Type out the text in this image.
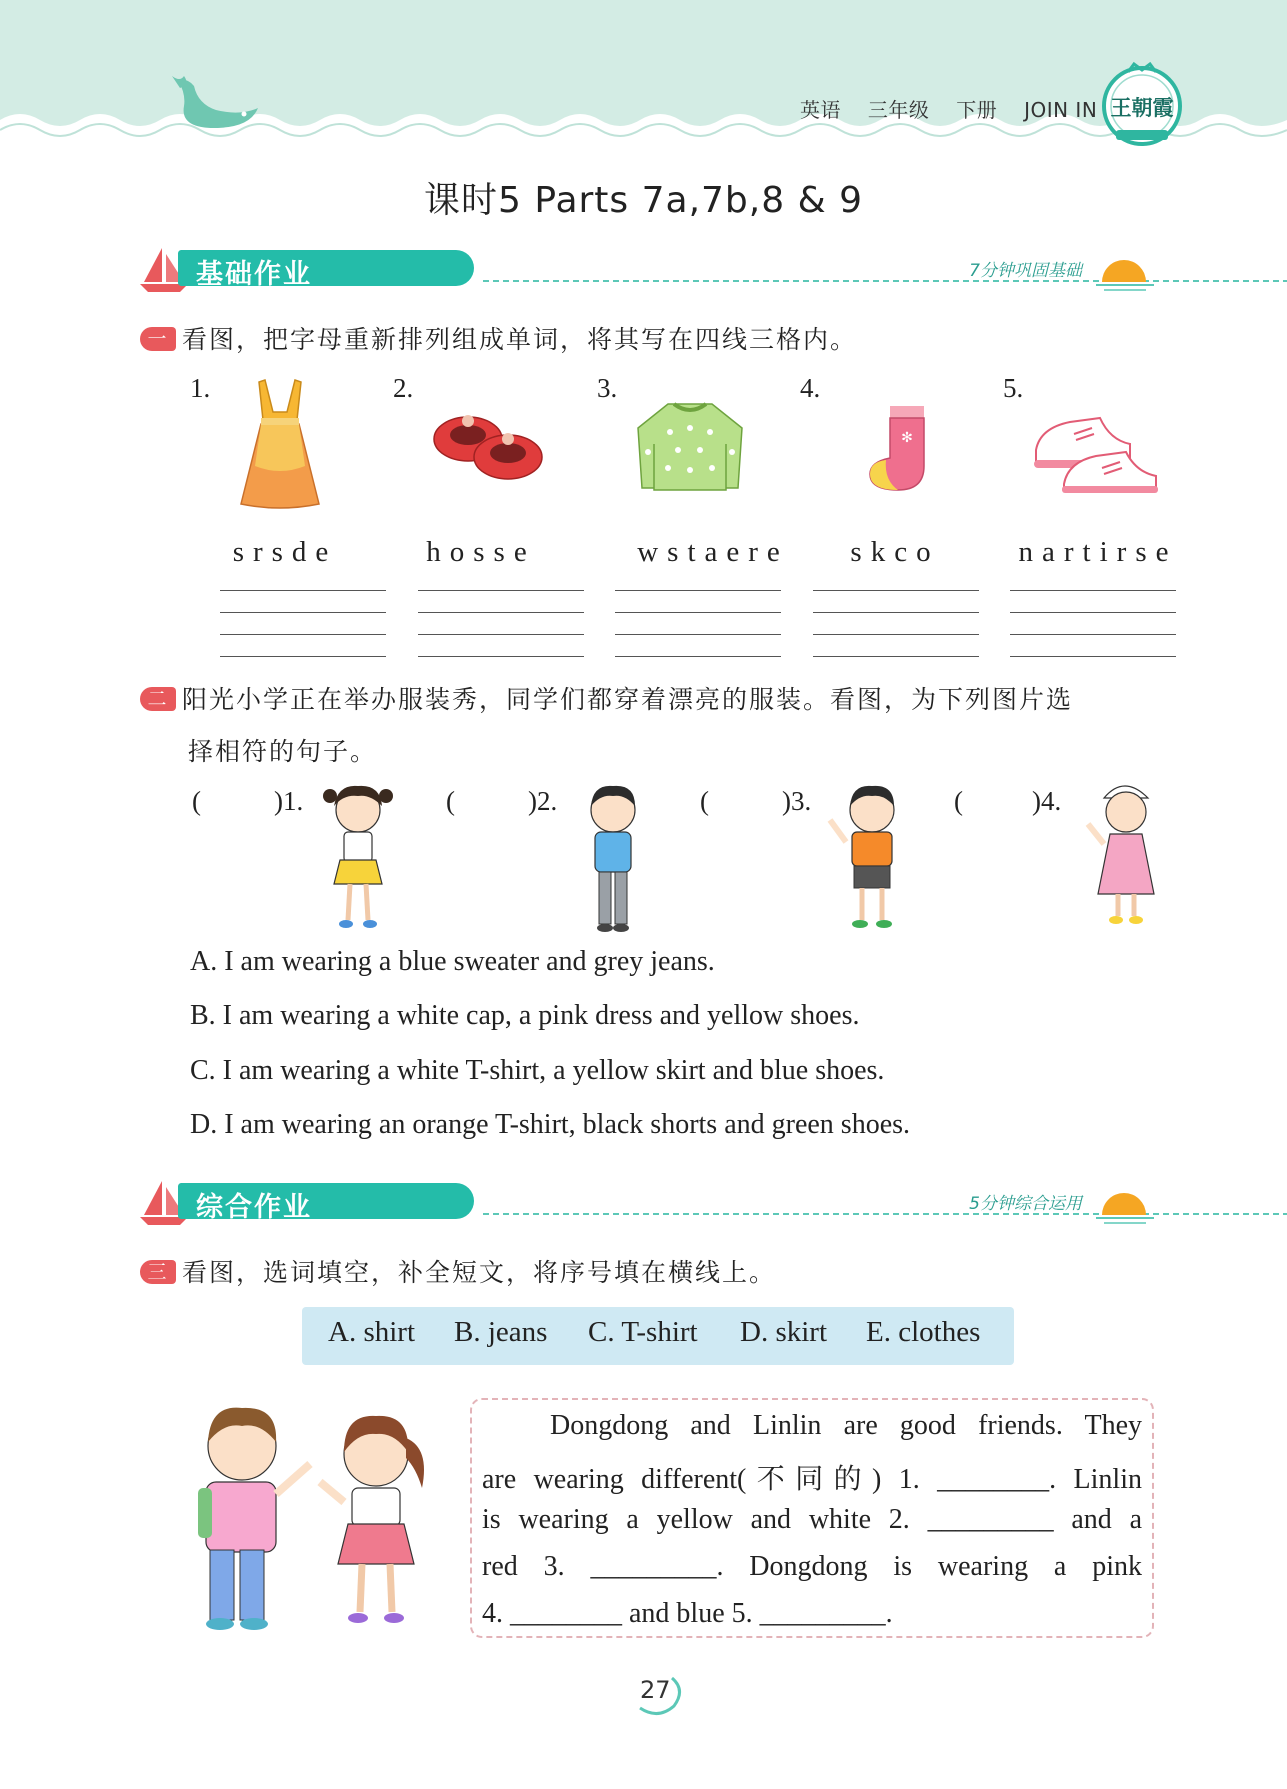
英语 三年级 下册 JOIN IN 王朝霞
课时5 Parts 7a,7b,8 & 9
基础作业	7分钟巩固基础
一 看图，把字母重新排列组成单词，将其写在四线三格内。
1.	2.	3.	4.	5.
✻
srsde	hosse	wstaere	skco	nartirse
二 阳光小学正在举办服装秀，同学们都穿着漂亮的服装。看图，为下列图片选
择相符的句子。
(	)1.	(	)2.	(	)3.	(	)4.
A. I am wearing a blue sweater and grey jeans.
B. I am wearing a white cap, a pink dress and yellow shoes.
C. I am wearing a white T-shirt, a yellow skirt and blue shoes.
D. I am wearing an orange T-shirt, black shorts and green shoes.
综合作业	5分钟综合运用
三 看图，选词填空，补全短文，将序号填在横线上。
A. shirt B. jeans C. T-shirt D. skirt E. clothes
Dongdong and Linlin are good friends. They
are wearing different(不同的) 1. ________. Linlin
is wearing a yellow and white 2. _________ and a
red 3. _________. Dongdong is wearing a pink
4. ________ and blue 5. _________.
27
